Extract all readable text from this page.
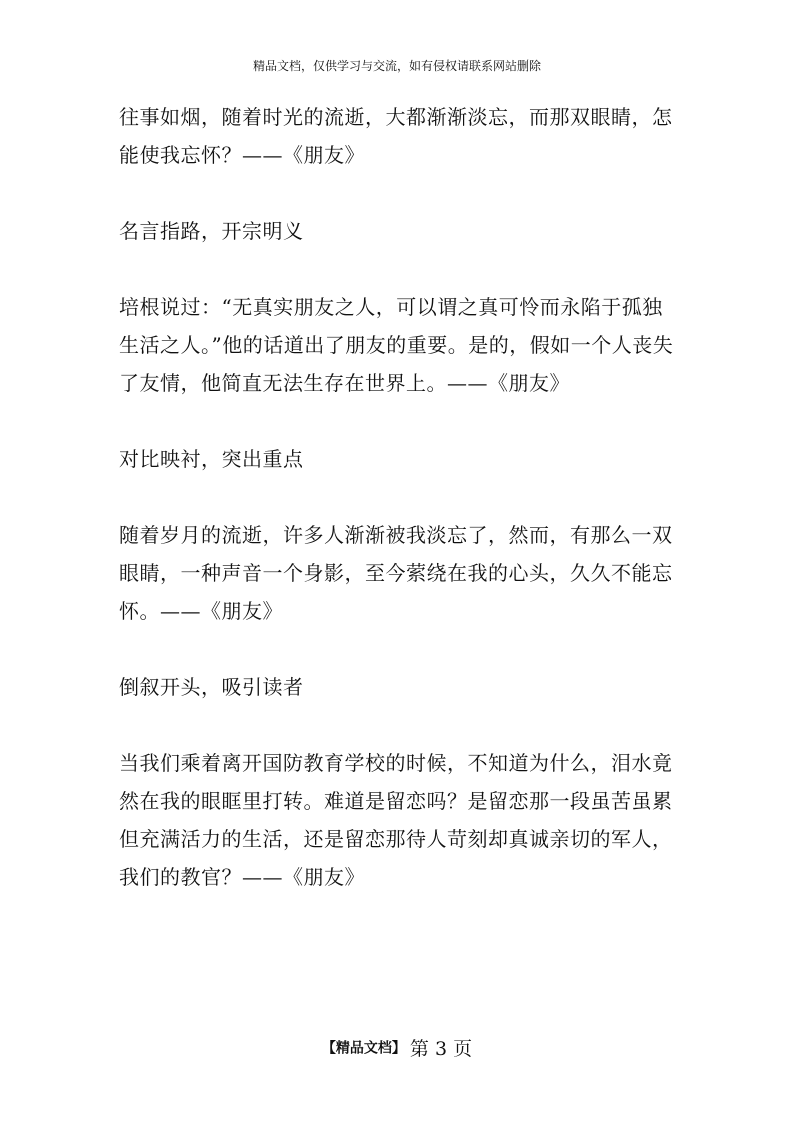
精品文档，仅供学习与交流，如有侵权请联系网站删除

往事如烟，随着时光的流逝，大都渐渐淡忘，而那双眼睛，怎能使我忘怀？——《朋友》

名言指路，开宗明义

培根说过：“无真实朋友之人，可以谓之真可怜而永陷于孤独生活之人。”他的话道出了朋友的重要。是的，假如一个人丧失了友情，他简直无法生存在世界上。——《朋友》

对比映衬，突出重点

随着岁月的流逝，许多人渐渐被我淡忘了，然而，有那么一双眼睛，一种声音一个身影，至今萦绕在我的心头，久久不能忘怀。——《朋友》

倒叙开头，吸引读者

当我们乘着离开国防教育学校的时候，不知道为什么，泪水竟然在我的眼眶里打转。难道是留恋吗？是留恋那一段虽苦虽累但充满活力的生活，还是留恋那待人苛刻却真诚亲切的军人，我们的教官？——《朋友》

【精品文档】 第 3 页
